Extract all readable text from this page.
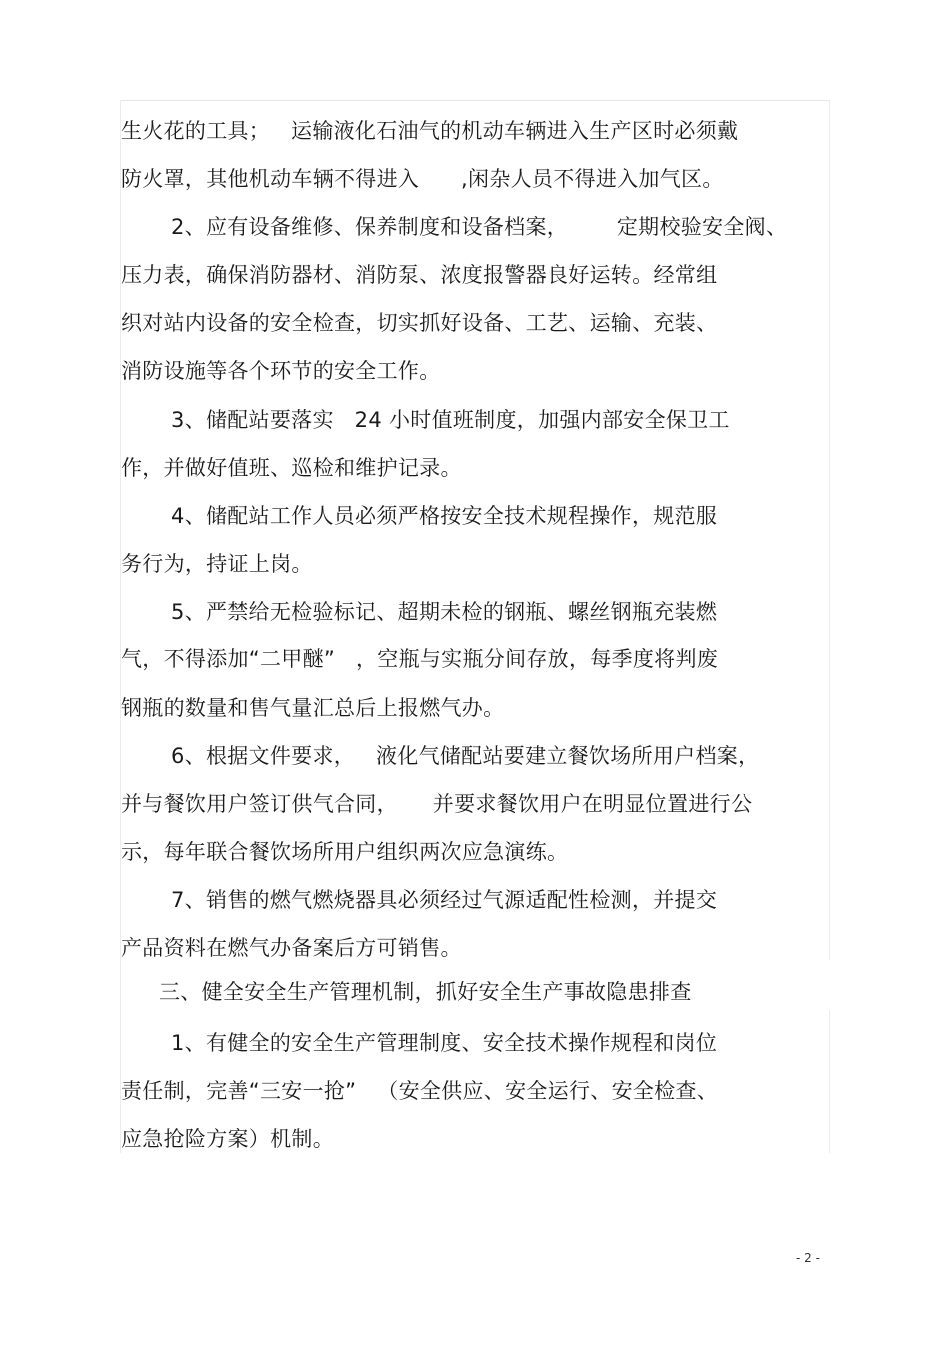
生火花的工具；   运输液化石油气的机动车辆进入生产区时必须戴
防火罩，其他机动车辆不得进入      ,闲杂人员不得进入加气区。
2、应有设备维修、保养制度和设备档案，       定期校验安全阀、
压力表，确保消防器材、消防泵、浓度报警器良好运转。经常组
织对站内设备的安全检查，切实抓好设备、工艺、运输、充装、
消防设施等各个环节的安全工作。
3、储配站要落实   24 小时值班制度，加强内部安全保卫工
作，并做好值班、巡检和维护记录。
4、储配站工作人员必须严格按安全技术规程操作，规范服
务行为，持证上岗。
5、严禁给无检验标记、超期未检的钢瓶、螺丝钢瓶充装燃
气，不得添加“二甲醚”   ，空瓶与实瓶分间存放，每季度将判废
钢瓶的数量和售气量汇总后上报燃气办。
6、根据文件要求，   液化气储配站要建立餐饮场所用户档案，
并与餐饮用户签订供气合同，     并要求餐饮用户在明显位置进行公
示，每年联合餐饮场所用户组织两次应急演练。
7、销售的燃气燃烧器具必须经过气源适配性检测，并提交
产品资料在燃气办备案后方可销售。
三、健全安全生产管理机制，抓好安全生产事故隐患排查
1、有健全的安全生产管理制度、安全技术操作规程和岗位
责任制，完善“三安一抢”   （安全供应、安全运行、安全检查、
应急抢险方案）机制。
- 2 -
